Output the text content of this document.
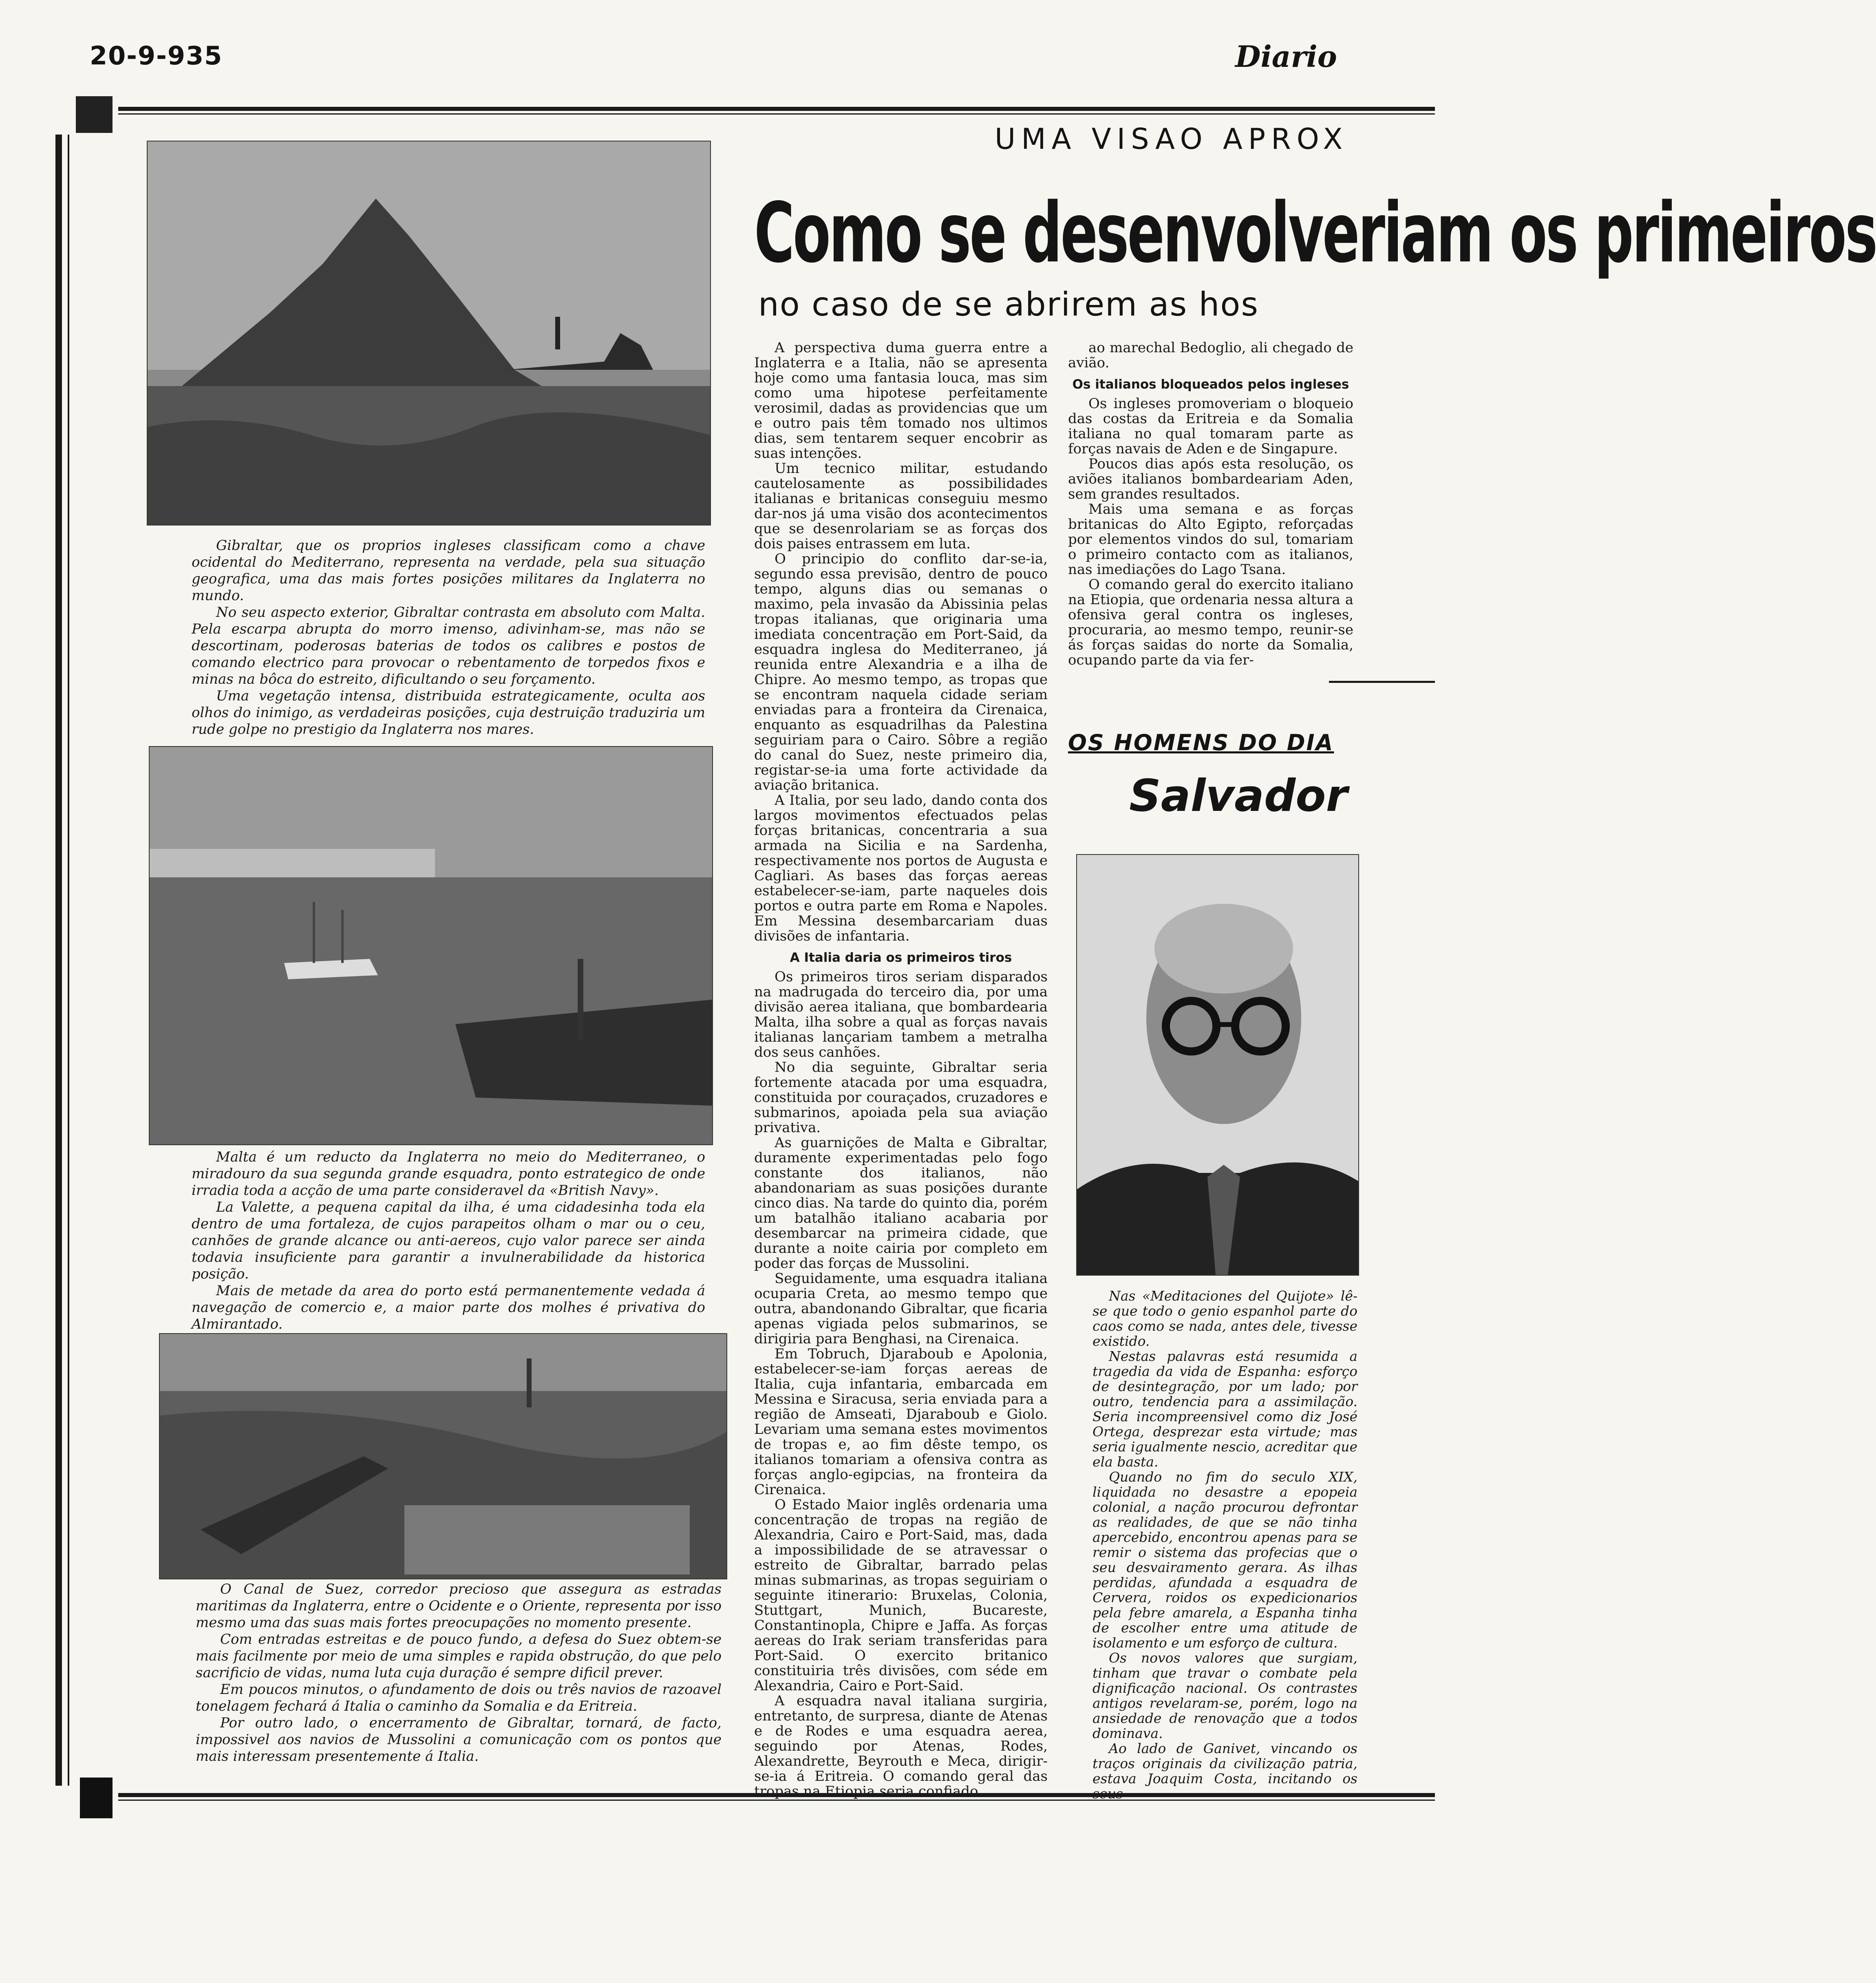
20-9-935	Diario

Gibraltar, que os proprios ingleses classificam como a chave ocidental do Mediterrano, representa na verdade, pela sua situação geografica, uma das mais fortes posições militares da Inglaterra no mundo.

No seu aspecto exterior, Gibraltar contrasta em absoluto com Malta. Pela escarpa abrupta do morro imenso, adivinham-se, mas não se descortinam, poderosas baterias de todos os calibres e postos de comando electrico para provocar o rebentamento de torpedos fixos e minas na bôca do estreito, dificultando o seu forçamento.

Uma vegetação intensa, distribuida estrategicamente, oculta aos olhos do inimigo, as verdadeiras posições, cuja destruição traduziria um rude golpe no prestigio da Inglaterra nos mares.

Malta é um reducto da Inglaterra no meio do Mediterraneo, o miradouro da sua segunda grande esquadra, ponto estrategico de onde irradia toda a acção de uma parte consideravel da «British Navy».

La Valette, a pequena capital da ilha, é uma cidadesinha toda ela dentro de uma fortaleza, de cujos parapeitos olham o mar ou o ceu, canhões de grande alcance ou anti-aereos, cujo valor parece ser ainda todavia insuficiente para garantir a invulnerabilidade da historica posição.

Mais de metade da area do porto está permanentemente vedada á navegação de comercio e, a maior parte dos molhes é privativa do Almirantado.

O Canal de Suez, corredor precioso que assegura as estradas maritimas da Inglaterra, entre o Ocidente e o Oriente, representa por isso mesmo uma das suas mais fortes preocupações no momento presente.

Com entradas estreitas e de pouco fundo, a defesa do Suez obtem-se mais facilmente por meio de uma simples e rapida obstrução, do que pelo sacrificio de vidas, numa luta cuja duração é sempre dificil prever.

Em poucos minutos, o afundamento de dois ou três navios de razoavel tonelagem fechará á Italia o caminho da Somalia e da Eritreia.

Por outro lado, o encerramento de Gibraltar, tornará, de facto, impossivel aos navios de Mussolini a comunicação com os pontos que mais interessam presentemente á Italia.

UMA VISAO APROX
Como se desenvolveriam os primeiros
no caso de se abrirem as hos

A perspectiva duma guerra entre a Inglaterra e a Italia, não se apresenta hoje como uma fantasia louca, mas sim como uma hipotese perfeitamente verosimil, dadas as providencias que um e outro pais têm tomado nos ultimos dias, sem tentarem sequer encobrir as suas intenções.

Um tecnico militar, estudando cautelosamente as possibilidades italianas e britanicas conseguiu mesmo dar-nos já uma visão dos acontecimentos que se desenrolariam se as forças dos dois paises entrassem em luta.

O principio do conflito dar-se-ia, segundo essa previsão, dentro de pouco tempo, alguns dias ou semanas o maximo, pela invasão da Abissinia pelas tropas italianas, que originaria uma imediata concentração em Port-Said, da esquadra inglesa do Mediterraneo, já reunida entre Alexandria e a ilha de Chipre. Ao mesmo tempo, as tropas que se encontram naquela cidade seriam enviadas para a fronteira da Cirenaica, enquanto as esquadrilhas da Palestina seguiriam para o Cairo. Sôbre a região do canal do Suez, neste primeiro dia, registar-se-ia uma forte actividade da aviação britanica.

A Italia, por seu lado, dando conta dos largos movimentos efectuados pelas forças britanicas, concentraria a sua armada na Sicilia e na Sardenha, respectivamente nos portos de Augusta e Cagliari. As bases das forças aereas estabelecer-se-iam, parte naqueles dois portos e outra parte em Roma e Napoles. Em Messina desembarcariam duas divisões de infantaria.

A Italia daria os primeiros tiros

Os primeiros tiros seriam disparados na madrugada do terceiro dia, por uma divisão aerea italiana, que bombardearia Malta, ilha sobre a qual as forças navais italianas lançariam tambem a metralha dos seus canhões.

No dia seguinte, Gibraltar seria fortemente atacada por uma esquadra, constituida por couraçados, cruzadores e submarinos, apoiada pela sua aviação privativa.

As guarnições de Malta e Gibraltar, duramente experimentadas pelo fogo constante dos italianos, não abandonariam as suas posições durante cinco dias. Na tarde do quinto dia, porém um batalhão italiano acabaria por desembarcar na primeira cidade, que durante a noite cairia por completo em poder das forças de Mussolini.

Seguidamente, uma esquadra italiana ocuparia Creta, ao mesmo tempo que outra, abandonando Gibraltar, que ficaria apenas vigiada pelos submarinos, se dirigiria para Benghasi, na Cirenaica.

Em Tobruch, Djaraboub e Apolonia, estabelecer-se-iam forças aereas de Italia, cuja infantaria, embarcada em Messina e Siracusa, seria enviada para a região de Amseati, Djaraboub e Giolo. Levariam uma semana estes movimentos de tropas e, ao fim dêste tempo, os italianos tomariam a ofensiva contra as forças anglo-egipcias, na fronteira da Cirenaica.

O Estado Maior inglês ordenaria uma concentração de tropas na região de Alexandria, Cairo e Port-Said, mas, dada a impossibilidade de se atravessar o estreito de Gibraltar, barrado pelas minas submarinas, as tropas seguiriam o seguinte itinerario: Bruxelas, Colonia, Stuttgart, Munich, Bucareste, Constantinopla, Chipre e Jaffa. As forças aereas do Irak seriam transferidas para Port-Said. O exercito britanico constituiria três divisões, com séde em Alexandria, Cairo e Port-Said.

A esquadra naval italiana surgiria, entretanto, de surpresa, diante de Atenas e de Rodes e uma esquadra aerea, seguindo por Atenas, Rodes, Alexandrette, Beyrouth e Meca, dirigir-se-ia á Eritreia. O comando geral das tropas na Etiopia seria confiado

ao marechal Bedoglio, ali chegado de avião.

Os italianos bloqueados pelos ingleses

Os ingleses promoveriam o bloqueio das costas da Eritreia e da Somalia italiana no qual tomaram parte as forças navais de Aden e de Singapure.

Poucos dias após esta resolução, os aviões italianos bombardeariam Aden, sem grandes resultados.

Mais uma semana e as forças britanicas do Alto Egipto, reforçadas por elementos vindos do sul, tomariam o primeiro contacto com as italianos, nas imediações do Lago Tsana.

O comando geral do exercito italiano na Etiopia, que ordenaria nessa altura a ofensiva geral contra os ingleses, procuraria, ao mesmo tempo, reunir-se ás forças saidas do norte da Somalia, ocupando parte da via fer-

OS HOMENS DO DIA
Salvador

Nas «Meditaciones del Quijote» lê-se que todo o genio espanhol parte do caos como se nada, antes dele, tivesse existido.

Nestas palavras está resumida a tragedia da vida de Espanha: esforço de desintegração, por um lado; por outro, tendencia para a assimilação. Seria incompreensivel como diz José Ortega, desprezar esta virtude; mas seria igualmente nescio, acreditar que ela basta.

Quando no fim do seculo XIX, liquidada no desastre a epopeia colonial, a nação procurou defrontar as realidades, de que se não tinha apercebido, encontrou apenas para se remir o sistema das profecias que o seu desvairamento gerara. As ilhas perdidas, afundada a esquadra de Cervera, roidos os expedicionarios pela febre amarela, a Espanha tinha de escolher entre uma atitude de isolamento e um esforço de cultura.

Os novos valores que surgiam, tinham que travar o combate pela dignificação nacional. Os contrastes antigos revelaram-se, porém, logo na ansiedade de renovação que a todos dominava.

Ao lado de Ganivet, vincando os traços originais da civilização patria, estava Joaquim Costa, incitando os seus
